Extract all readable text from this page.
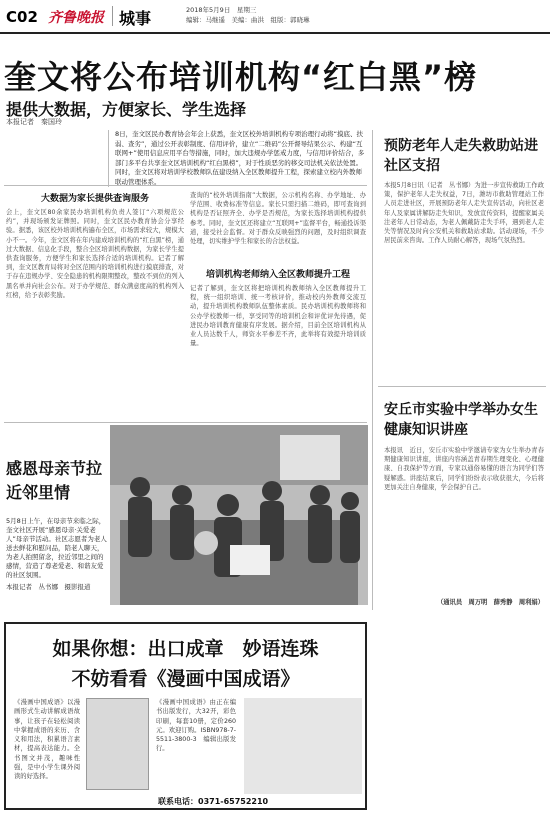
C02 齐鲁晚报 城事	2018年5月9日　星期三
编辑：马继遥　美编：曲洪　组版：郭晓琳
奎文将公布培训机构“红白黑”榜
提供大数据，方便家长、学生选择
本报记者　秦国玲
8日，奎文区民办教育协会年会上获悉，奎文区校外培训机构专项治理行动将“摸底、扶弱、查劣”，通过公开表彰制度、信用评价，建立“二维码”公开督导结果公示、构建“互联网+”使用信息应用平台等措施，同时，加大违规办学惩戒力度，与信用评价结合，多部门多平台共享奎文区培训机构“红白黑榜”，对于性质恶劣的移交司法机关依法处置。同时，奎文区将对培训学校教师队伍建设纳入全区教师提升工程，探索建立校内外教师联动管理体系。
大数据为家长提供查询服务
会上，奎文区80余家民办培训机构负责人签订“六项规范公约”，并现场颁发证牌照。同时，奎文区民办教育协会分享经验。据悉，该区校外培训机构遍布全区，市场需求较大，规模大小不一。今年，奎文区将在年内建成培训机构的“红白黑”榜，通过大数据、信息化手段，整合全区培训机构数据，为家长学生提供查询服务，方便学生和家长选择合适的培训机构。记者了解到，奎文区教育局将对全区范围内的培训机构进行摸底排查，对于存在违规办学、安全隐患的机构限期整改，整改不到位的列入黑名单并向社会公布。对于办学规范、群众满意度高的机构列入红榜，给予表彰奖励。
查询的“校外培训指南”大数据，公示机构名称、办学地址、办学范围、收费标准等信息。家长只需扫描二维码，即可查询到机构是否证照齐全、办学是否规范，为家长选择培训机构提供参考。同时，奎文区还将建立“互联网+”监督平台，畅通投诉渠道，接受社会监督。对于群众反映强烈的问题，及时组织调查处理，切实维护学生和家长的合法权益。
培训机构老师纳入全区教师提升工程
记者了解到，奎文区将把培训机构教师纳入全区教师提升工程，统一组织培训、统一考核评价，推动校内外教师交流互动，提升培训机构教师队伍整体素质。民办培训机构教师将和公办学校教师一样，享受同等的培训机会和评优评先待遇，促进民办培训教育健康有序发展。据介绍，目前全区培训机构从业人员达数千人，师资水平参差不齐，此举将有效提升培训质量。
预防老年人走失救助站进社区支招
本报5月8日讯（记者　丛书娜）为进一步宣传救助工作政策，保护老年人走失权益，7日，潍坊市救助管理站工作人员走进社区，开展预防老年人走失宣传活动，向社区老年人及家属讲解防走失知识，发放宣传资料，提醒家属关注老年人日常动态，为老人佩戴防走失手环，遇到老人走失等情况及时向公安机关和救助站求助。活动现场，不少居民前来咨询。工作人员耐心解答，现场气氛热烈。
安丘市实验中学举办女生健康知识讲座
本报讯　近日，安丘市实验中学邀请专家为女生举办青春期健康知识讲座，讲座内容涵盖青春期生理变化、心理健康、自我保护等方面，专家以通俗易懂的语言为同学们答疑解惑。讲座结束后，同学们纷纷表示收获很大，今后将更加关注自身健康，学会保护自己。
（通讯员　周万明　薛秀静　周利娟）
感恩母亲节拉近邻里情
5月8日上午，在母亲节来临之际，奎文社区开展“感恩母亲·关爱老人”母亲节活动。社区志愿者为老人送去鲜花和慰问品，陪老人聊天，为老人拍照留念，拉近邻里之间的感情，营造了尊老爱老、和谐友爱的社区氛围。
本报记者　丛书娜　摄影报道
如果你想：出口成章　妙语连珠
不妨看看《漫画中国成语》
《漫画中国成语》以漫画形式生动讲解成语故事，让孩子在轻松阅读中掌握成语的来历、含义和用法，积累语言素材，提高表达能力。全书图文并茂，趣味性强，是中小学生课外阅读的好选择。
《漫画中国成语》由正在编书出版发行，大32开，彩色印刷，每套10册，定价260元。欢迎订购。ISBN978-7-5511-3800-3　编辑出版发行。
联系电话：0371-65752210
